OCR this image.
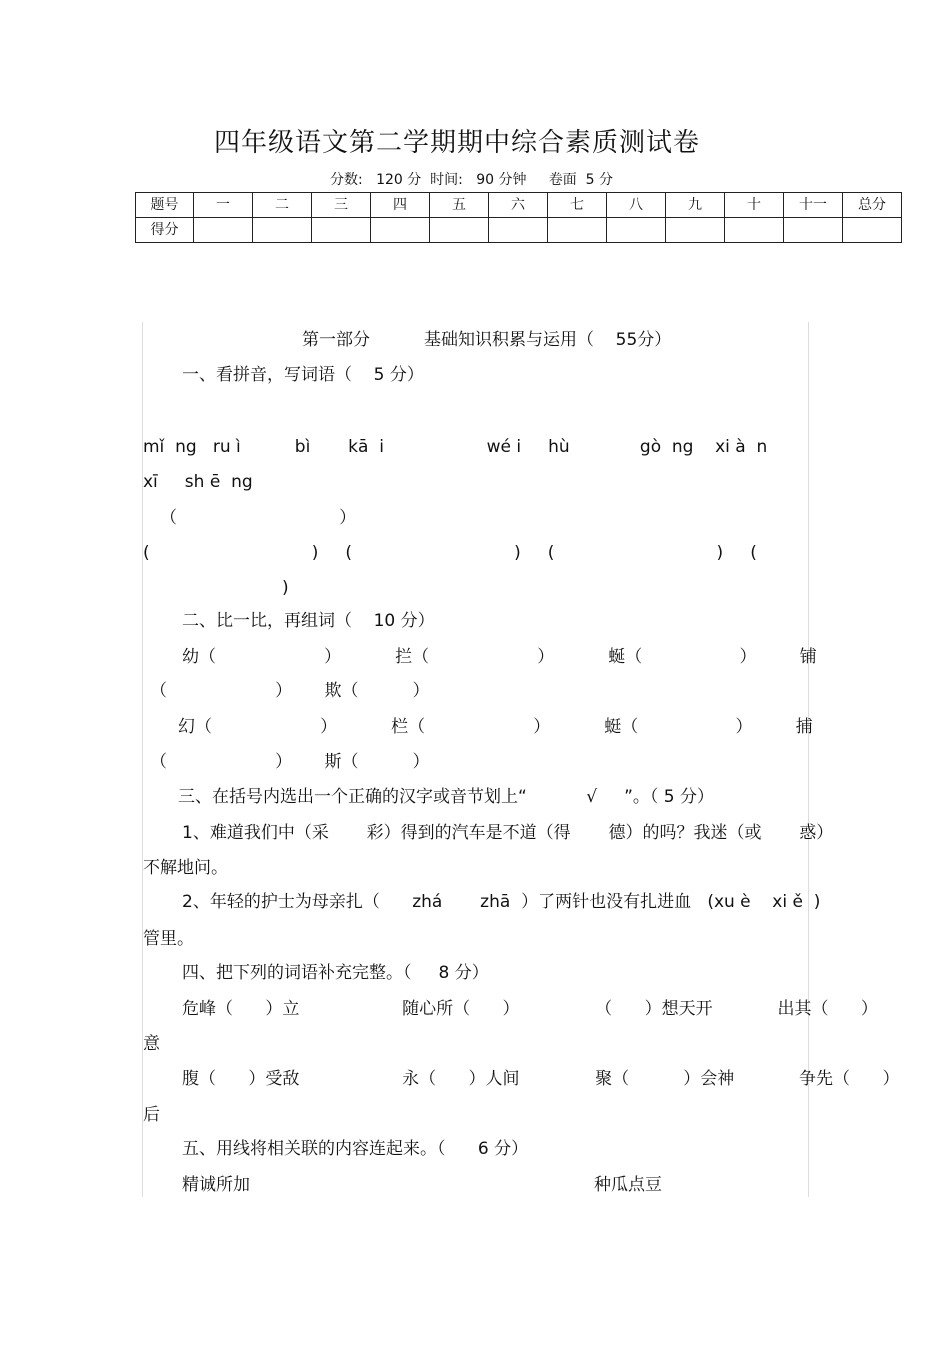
四年级语文第二学期期中综合素质测试卷
分数:   120 分  时间:   90 分钟     卷面  5 分
题号	一	二	三	四	五	六	七	八	九	十	十一	总分
得分												
第一部分          基础知识积累与运用（    55分）
一、看拼音，写词语（    5 分）
mǐ  ng   ru ì          bì       kā  i                   wé i     hù             gò  ng    xi à  n
xī     sh ē  ng
（                              ）
(                              )     (                              )     (                              )     (
)
二、比一比，再组词（    10 分）
幼（                    ）          拦（                    ）          蜒（                  ）        铺
（                    ）      欺（          ）
幻（                    ）          栏（                    ）          蜓（                  ）        捕
（                    ）      斯（          ）
三、在括号内选出一个正确的汉字或音节划上“           √     ”。（ 5 分）
1、难道我们中（采       彩）得到的汽车是不道（得       德）的吗？我迷（或       惑）
不解地问。
2、年轻的护士为母亲扎（      zhá       zhā  ）了两针也没有扎进血   (xu è    xi ě  )
管里。
四、把下列的词语补充完整。（     8 分）
危峰（      ）立                   随心所（      ）              （      ）想天开            出其（      ）
意
腹（      ）受敌                   永（      ）人间              聚（          ）会神            争先（      ）
后
五、用线将相关联的内容连起来。（      6 分）
精诚所加	种瓜点豆
